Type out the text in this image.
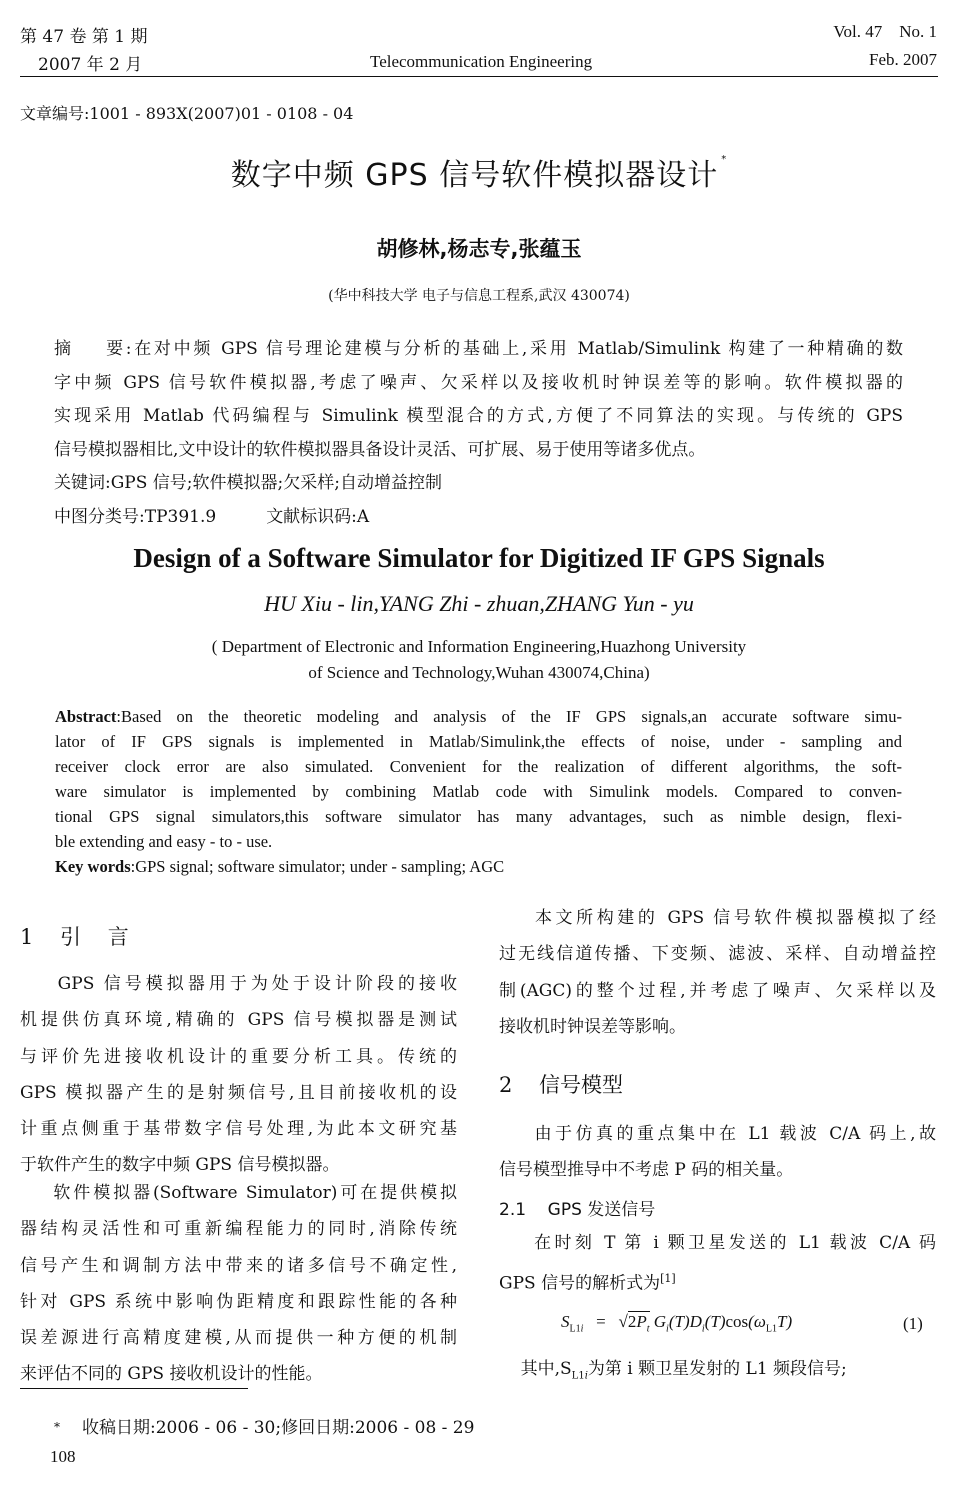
第 47 卷 第 1 期
2007 年 2 月	Telecommunication Engineering
Vol. 47    No. 1
Feb. 2007
文章编号:1001 - 893X(2007)01 - 0108 - 04
数字中频 GPS 信号软件模拟器设计 *
胡修林,杨志专,张蕴玉
(华中科技大学 电子与信息工程系,武汉 430074)
摘    要:在对中频 GPS 信号理论建模与分析的基础上,采用 Matlab/Simulink 构建了一种精确的数
字中频 GPS 信号软件模拟器,考虑了噪声、欠采样以及接收机时钟误差等的影响。软件模拟器的
实现采用 Matlab 代码编程与 Simulink 模型混合的方式,方便了不同算法的实现。与传统的 GPS
信号模拟器相比,文中设计的软件模拟器具备设计灵活、可扩展、易于使用等诸多优点。
关键词:GPS 信号;软件模拟器;欠采样;自动增益控制
中图分类号:TP391.9	文献标识码:A
Design of a Software Simulator for Digitized IF GPS Signals
HU Xiu - lin,YANG Zhi - zhuan,ZHANG Yun - yu
( Department of Electronic and Information Engineering,Huazhong University
of Science and Technology,Wuhan 430074,China)
Abstract:Based on the theoretic modeling and analysis of the IF GPS signals,an accurate software simu-
lator of IF GPS signals is implemented in Matlab/Simulink,the effects of noise, under - sampling and
receiver clock error are also simulated. Convenient for the realization of different algorithms, the soft-
ware simulator is implemented by combining Matlab code with Simulink models. Compared to conven-
tional GPS signal simulators,this software simulator has many advantages, such as nimble design, flexi-
ble extending and easy - to - use.
Key words:GPS signal; software simulator; under - sampling; AGC
1    引    言
GPS 信号模拟器用于为处于设计阶段的接收
机提供仿真环境,精确的 GPS 信号模拟器是测试
与评价先进接收机设计的重要分析工具。传统的
GPS 模拟器产生的是射频信号,且目前接收机的设
计重点侧重于基带数字信号处理,为此本文研究基
于软件产生的数字中频 GPS 信号模拟器。
软件模拟器(Software Simulator)可在提供模拟
器结构灵活性和可重新编程能力的同时,消除传统
信号产生和调制方法中带来的诸多信号不确定性,
针对 GPS 系统中影响伪距精度和跟踪性能的各种
误差源进行高精度建模,从而提供一种方便的机制
来评估不同的 GPS 接收机设计的性能。
本文所构建的 GPS 信号软件模拟器模拟了经
过无线信道传播、下变频、滤波、采样、自动增益控
制(AGC)的整个过程,并考虑了噪声、欠采样以及
接收机时钟误差等影响。
2    信号模型
由于仿真的重点集中在 L1 载波 C/A 码上,故
信号模型推导中不考虑 P 码的相关量。
2.1    GPS 发送信号
在时刻 T 第 i 颗卫星发送的 L1 载波 C/A 码
GPS 信号的解析式为[1]
$S_{L1i} = √2P_t$ $G_i(T)D_i(T)\cos(\omega_{L1}T)$	(1)
其中$,S_{L1i}$为第 i 颗卫星发射的 L1 频段信号;
* 收稿日期:2006 - 06 - 30;修回日期:2006 - 08 - 29
108
